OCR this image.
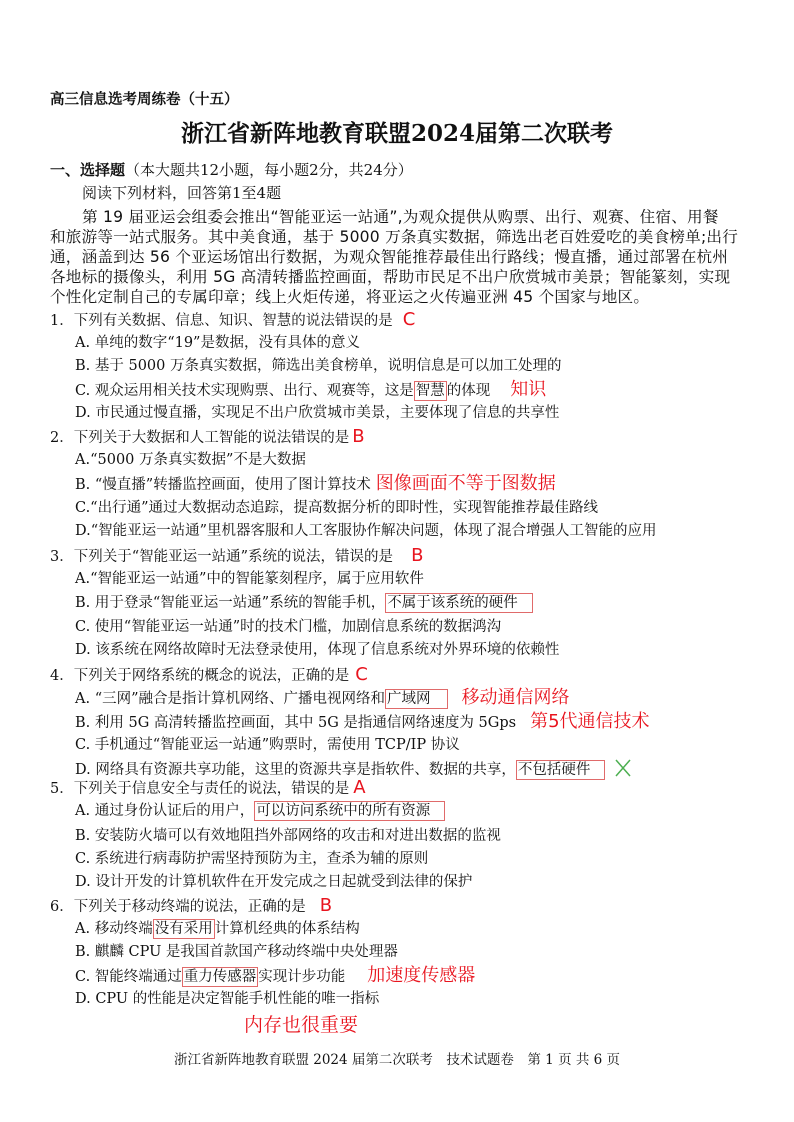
高三信息选考周练卷（十五）
浙江省新阵地教育联盟2024届第二次联考
一、选择题（本大题共12小题，每小题2分，共24分）
阅读下列材料，回答第1至4题
第 19 届亚运会组委会推出“智能亚运一站通”,为观众提供从购票、出行、观赛、住宿、用餐
和旅游等一站式服务。其中美食通，基于 5000 万条真实数据，筛选出老百姓爱吃的美食榜单;出行
通，涵盖到达 56 个亚运场馆出行数据，为观众智能推荐最佳出行路线；慢直播，通过部署在杭州
各地标的摄像头，利用 5G 高清转播监控画面，帮助市民足不出户欣赏城市美景；智能篆刻，实现
个性化定制自己的专属印章；线上火炬传递，将亚运之火传遍亚洲 45 个国家与地区。
1．下列有关数据、信息、知识、智慧的说法错误的是 C
A. 单纯的数字“19”是数据，没有具体的意义
B. 基于 5000 万条真实数据，筛选出美食榜单，说明信息是可以加工处理的
C. 观众运用相关技术实现购票、出行、观赛等，这是 智慧 的体现 知识
D. 市民通过慢直播，实现足不出户欣赏城市美景，主要体现了信息的共享性
2．下列关于大数据和人工智能的说法错误的是 B
A.“5000 万条真实数据”不是大数据
B. “慢直播”转播监控画面，使用了图计算技术 图像画面不等于图数据
C.“出行通”通过大数据动态追踪，提高数据分析的即时性，实现智能推荐最佳路线
D.“智能亚运一站通”里机器客服和人工客服协作解决问题，体现了混合增强人工智能的应用
3．下列关于“智能亚运一站通”系统的说法，错误的是 B
A.“智能亚运一站通”中的智能篆刻程序，属于应用软件
B. 用于登录“智能亚运一站通”系统的智能手机， 不属于该系统的硬件
C. 使用“智能亚运一站通”时的技术门槛，加剧信息系统的数据鸿沟
D. 该系统在网络故障时无法登录使用，体现了信息系统对外界环境的依赖性
4．下列关于网络系统的概念的说法，正确的是 C
A. “三网”融合是指计算机网络、广播电视网络和 广域网 移动通信网络
B. 利用 5G 高清转播监控画面，其中 5G 是指通信网络速度为 5Gps 第5代通信技术
C. 手机通过“智能亚运一站通”购票时，需使用 TCP/IP 协议
D. 网络具有资源共享功能，这里的资源共享是指软件、数据的共享， 不包括硬件
5．下列关于信息安全与责任的说法，错误的是 A
A. 通过身份认证后的用户， 可以访问系统中的所有资源
B. 安装防火墙可以有效地阻挡外部网络的攻击和对进出数据的监视
C. 系统进行病毒防护需坚持预防为主，查杀为辅的原则
D. 设计开发的计算机软件在开发完成之日起就受到法律的保护
6．下列关于移动终端的说法，正确的是 B
A. 移动终端 没有采用 计算机经典的体系结构
B. 麒麟 CPU 是我国首款国产移动终端中央处理器
C. 智能终端通过 重力传感器 实现计步功能 加速度传感器
D. CPU 的性能是决定智能手机性能的唯一指标
内存也很重要
浙江省新阵地教育联盟 2024 届第二次联考　技术试题卷　第 1 页 共 6 页
